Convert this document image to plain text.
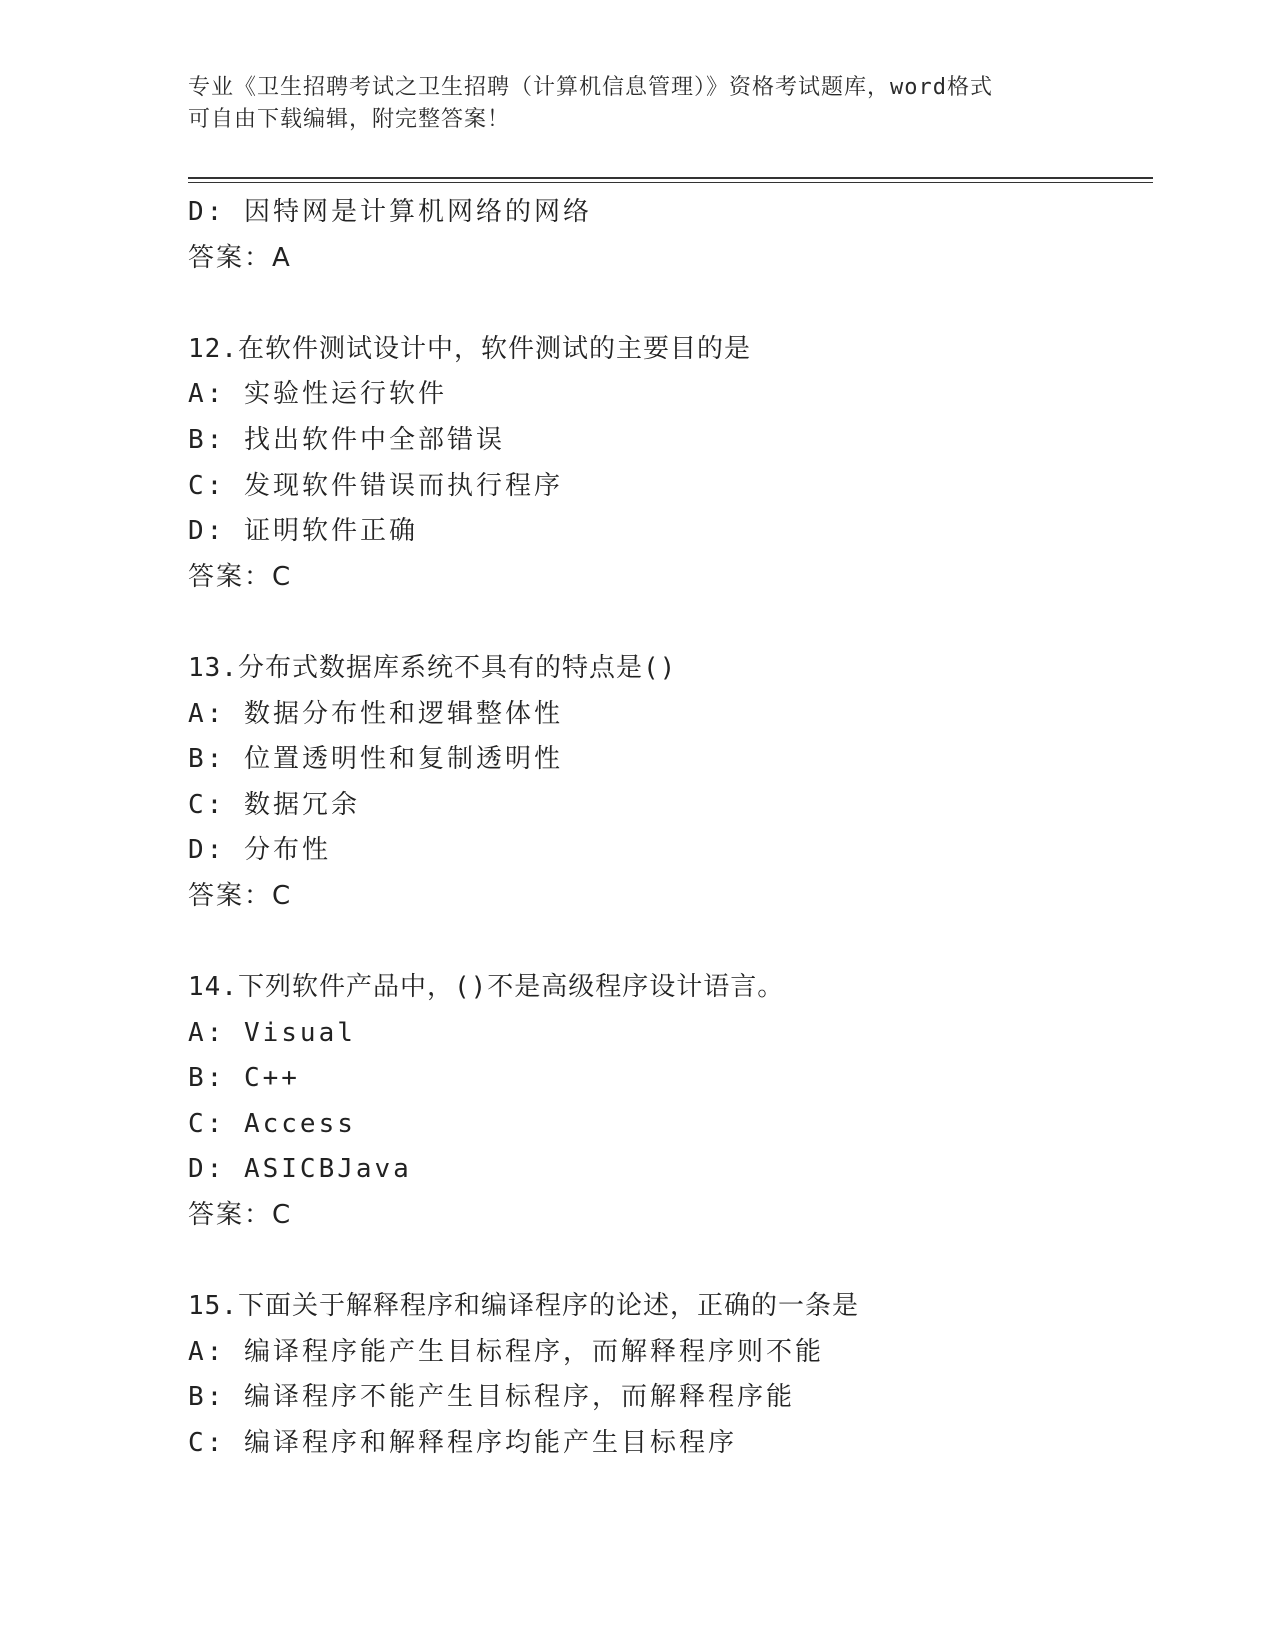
专业《卫生招聘考试之卫生招聘（计算机信息管理）》资格考试题库，word格式
可自由下载编辑，附完整答案！
D: 因特网是计算机网络的网络
答案：A
12.在软件测试设计中，软件测试的主要目的是
A: 实验性运行软件
B: 找出软件中全部错误
C: 发现软件错误而执行程序
D: 证明软件正确
答案：C
13.分布式数据库系统不具有的特点是()
A: 数据分布性和逻辑整体性
B: 位置透明性和复制透明性
C: 数据冗余
D: 分布性
答案：C
14.下列软件产品中，()不是高级程序设计语言。
A: Visual
B: C++
C: Access
D: ASICBJava
答案：C
15.下面关于解释程序和编译程序的论述，正确的一条是
A: 编译程序能产生目标程序，而解释程序则不能
B: 编译程序不能产生目标程序，而解释程序能
C: 编译程序和解释程序均能产生目标程序
